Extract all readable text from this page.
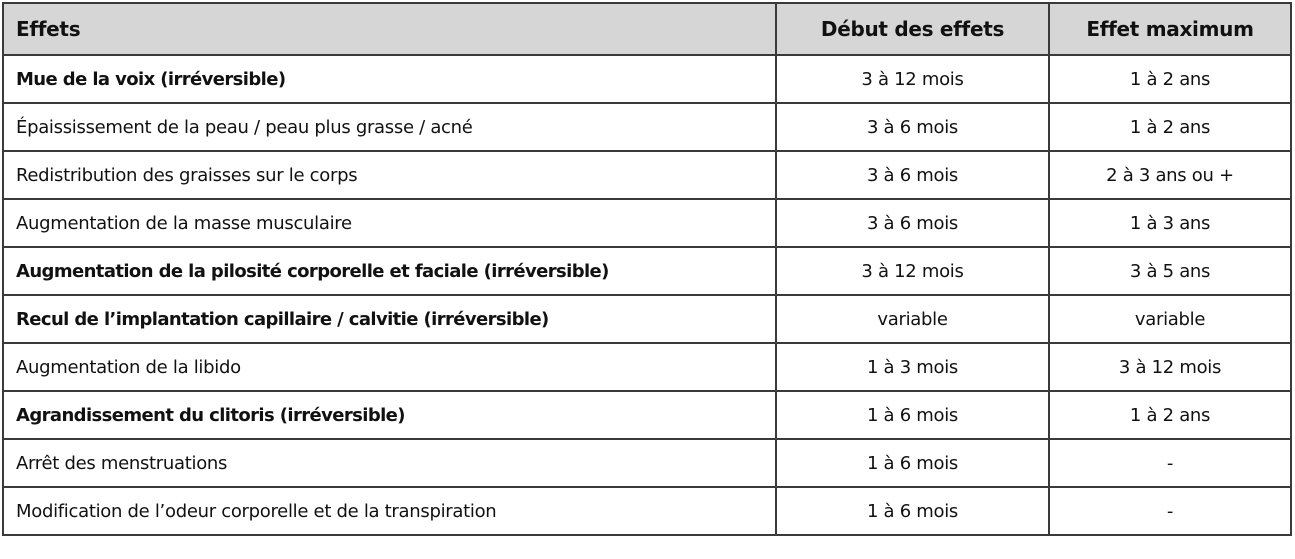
Effets	Début des effets	Effet maximum
Mue de la voix (irréversible)	3 à 12 mois	1 à 2 ans
Épaississement de la peau / peau plus grasse / acné	3 à 6 mois	1 à 2 ans
Redistribution des graisses sur le corps	3 à 6 mois	2 à 3 ans ou +
Augmentation de la masse musculaire	3 à 6 mois	1 à 3 ans
Augmentation de la pilosité corporelle et faciale (irréversible)	3 à 12 mois	3 à 5 ans
Recul de l’implantation capillaire / calvitie (irréversible)	variable	variable
Augmentation de la libido	1 à 3 mois	3 à 12 mois
Agrandissement du clitoris (irréversible)	1 à 6 mois	1 à 2 ans
Arrêt des menstruations	1 à 6 mois	-
Modification de l’odeur corporelle et de la transpiration	1 à 6 mois	-
